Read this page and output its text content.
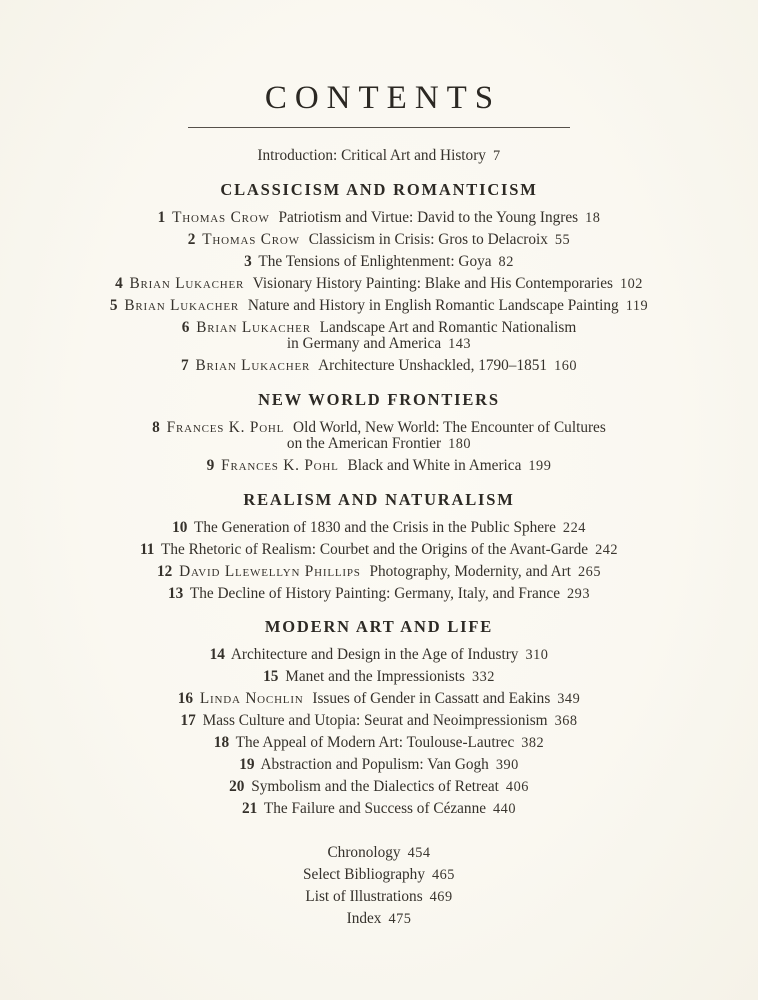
CONTENTS

Introduction: Critical Art and History 7

CLASSICISM AND ROMANTICISM
1 Thomas Crow Patriotism and Virtue: David to the Young Ingres 18
2 Thomas Crow Classicism in Crisis: Gros to Delacroix 55
3 The Tensions of Enlightenment: Goya 82
4 Brian Lukacher Visionary History Painting: Blake and His Contemporaries 102
5 Brian Lukacher Nature and History in English Romantic Landscape Painting 119
6 Brian Lukacher Landscape Art and Romantic Nationalism
in Germany and America 143
7 Brian Lukacher Architecture Unshackled, 1790–1851 160
NEW WORLD FRONTIERS
8 Frances K. Pohl Old World, New World: The Encounter of Cultures
on the American Frontier 180
9 Frances K. Pohl Black and White in America 199
REALISM AND NATURALISM
10 The Generation of 1830 and the Crisis in the Public Sphere 224
11 The Rhetoric of Realism: Courbet and the Origins of the Avant-Garde 242
12 David Llewellyn Phillips Photography, Modernity, and Art 265
13 The Decline of History Painting: Germany, Italy, and France 293
MODERN ART AND LIFE
14 Architecture and Design in the Age of Industry 310
15 Manet and the Impressionists 332
16 Linda Nochlin Issues of Gender in Cassatt and Eakins 349
17 Mass Culture and Utopia: Seurat and Neoimpressionism 368
18 The Appeal of Modern Art: Toulouse-Lautrec 382
19 Abstraction and Populism: Van Gogh 390
20 Symbolism and the Dialectics of Retreat 406
21 The Failure and Success of Cézanne 440
Chronology 454
Select Bibliography 465
List of Illustrations 469
Index 475
